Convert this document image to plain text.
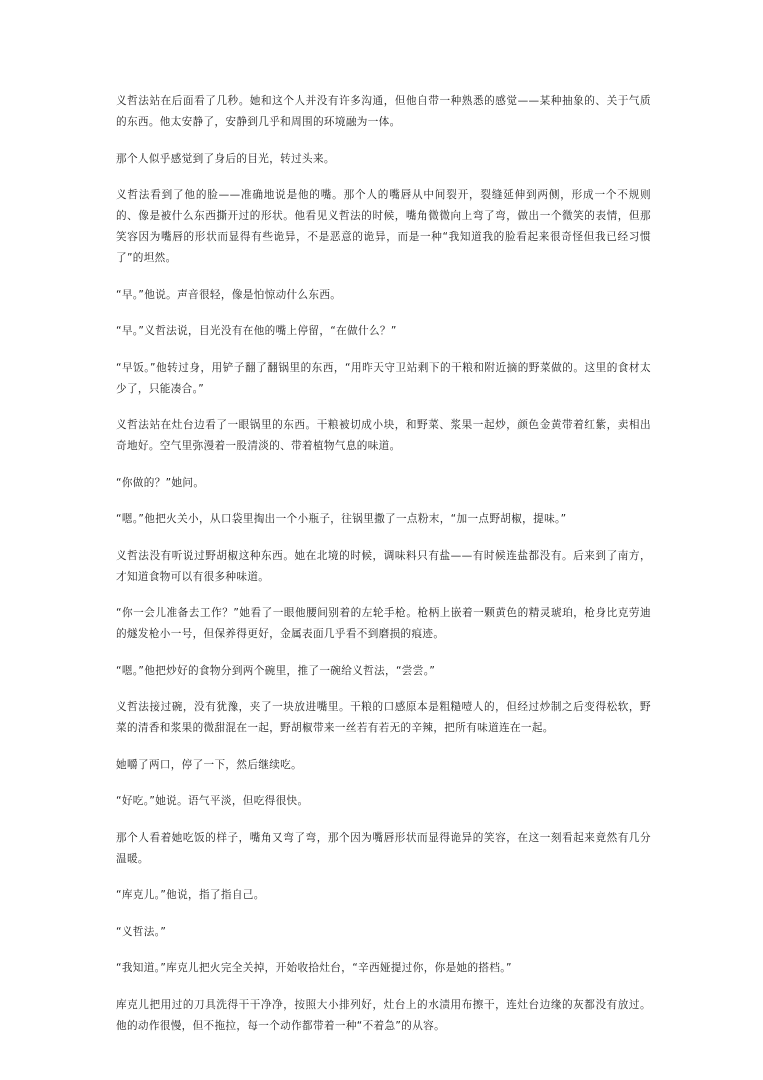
义哲法站在后面看了几秒。她和这个人并没有许多沟通，但他自带一种熟悉的感觉——某种抽象的、关于气质的东西。他太安静了，安静到几乎和周围的环境融为一体。

那个人似乎感觉到了身后的目光，转过头来。

义哲法看到了他的脸——准确地说是他的嘴。那个人的嘴唇从中间裂开，裂缝延伸到两侧，形成一个不规则的、像是被什么东西撕开过的形状。他看见义哲法的时候，嘴角微微向上弯了弯，做出一个微笑的表情，但那笑容因为嘴唇的形状而显得有些诡异，不是恶意的诡异，而是一种“我知道我的脸看起来很奇怪但我已经习惯了”的坦然。

“早。”他说。声音很轻，像是怕惊动什么东西。

“早。”义哲法说，目光没有在他的嘴上停留，“在做什么？”

“早饭。”他转过身，用铲子翻了翻锅里的东西，“用昨天守卫站剩下的干粮和附近摘的野菜做的。这里的食材太少了，只能凑合。”

义哲法站在灶台边看了一眼锅里的东西。干粮被切成小块，和野菜、浆果一起炒，颜色金黄带着红紫，卖相出奇地好。空气里弥漫着一股清淡的、带着植物气息的味道。

“你做的？”她问。

“嗯。”他把火关小，从口袋里掏出一个小瓶子，往锅里撒了一点粉末，“加一点野胡椒，提味。”

义哲法没有听说过野胡椒这种东西。她在北境的时候，调味料只有盐——有时候连盐都没有。后来到了南方，才知道食物可以有很多种味道。

“你一会儿准备去工作？”她看了一眼他腰间别着的左轮手枪。枪柄上嵌着一颗黄色的精灵琥珀，枪身比克劳迪的燧发枪小一号，但保养得更好，金属表面几乎看不到磨损的痕迹。

“嗯。”他把炒好的食物分到两个碗里，推了一碗给义哲法，“尝尝。”

义哲法接过碗，没有犹豫，夹了一块放进嘴里。干粮的口感原本是粗糙噎人的，但经过炒制之后变得松软，野菜的清香和浆果的微甜混在一起，野胡椒带来一丝若有若无的辛辣，把所有味道连在一起。

她嚼了两口，停了一下，然后继续吃。

“好吃。”她说。语气平淡，但吃得很快。

那个人看着她吃饭的样子，嘴角又弯了弯，那个因为嘴唇形状而显得诡异的笑容，在这一刻看起来竟然有几分温暖。

“库克儿。”他说，指了指自己。

“义哲法。”

“我知道。”库克儿把火完全关掉，开始收拾灶台，“辛西娅提过你，你是她的搭档。”

库克儿把用过的刀具洗得干干净净，按照大小排列好，灶台上的水渍用布擦干，连灶台边缘的灰都没有放过。他的动作很慢，但不拖拉，每一个动作都带着一种“不着急”的从容。
